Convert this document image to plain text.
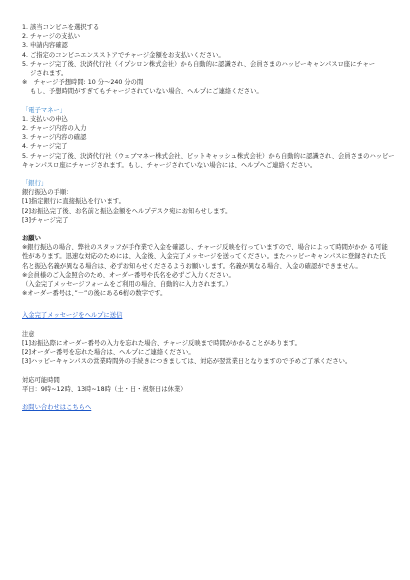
1. 該当コンビニを選択する
2. チャージの支払い
3. 申請内容確認
4. ご指定のコンビニエンスストアでチャージ金額をお支払いください。
5. チャージ完了後、決済代行社（イプシロン株式会社）から自動的に認識され、会員さまのハッピーキャンパスロ座にチャー
ジされます。
※　チャージ予想時間: 10 分～240 分の間
もし、予想時間がすぎてもチャージされていない場合、ヘルプにご連絡ください。
「電子マネー」
1. 支払いの申込
2. チャージ内容の入力
3. チャージ内容の確認
4. チャージ完了
5. チャージ完了後、決済代行社（ウェブマネー株式会社、ビットキャッシュ株式会社）から自動的に認識され、会員さまのハッピー
キャンパスロ座にチャージされます。もし、チャージされていない場合には、ヘルプへご連絡ください。
「銀行」
銀行振込の手順：
[1]指定銀行に直接振込を行います。
[2]お振込完了後、お名前と振込金額をヘルプデスク宛にお知らせします。
[3]チャージ完了
お願い
※銀行振込の場合、弊社のスタッフが手作業で入金を確認し、チャージ反映を行っていますので、場合によって時間がかか る可能性があります。迅速な対応のためには、入金後、入金完了メッセージを送ってください。またハッピーキャンパスに登録された氏名と振込名義が異なる場合は、必ずお知らせくださるようお願いします。名義が異なる場合、入金の確認ができません。
※会員様のご入金照合のため、オーダー番号や氏名を必ずご入力ください。
（入金完了メッセージフォームをご利用の場合、自動的に入力されます。）
※オーダー番号は、”－”の後にある6桁の数字です。
入金完了メッセージをヘルプに送信
注意
[1]お振込際にオーダー番号の入力を忘れた場合、チャージ反映まで時間がかかることがあります。
[2]オーダー番号を忘れた場合は、ヘルプにご連絡ください。
[3]ハッピーキャンパスの営業時間外の手続きにつきましては、対応が翌営業日となりますので予めご了承ください。
対応可能時間
平日：9時~12時、13時~18時（土・日・祝祭日は休業）
お問い合わせはこちらへ
